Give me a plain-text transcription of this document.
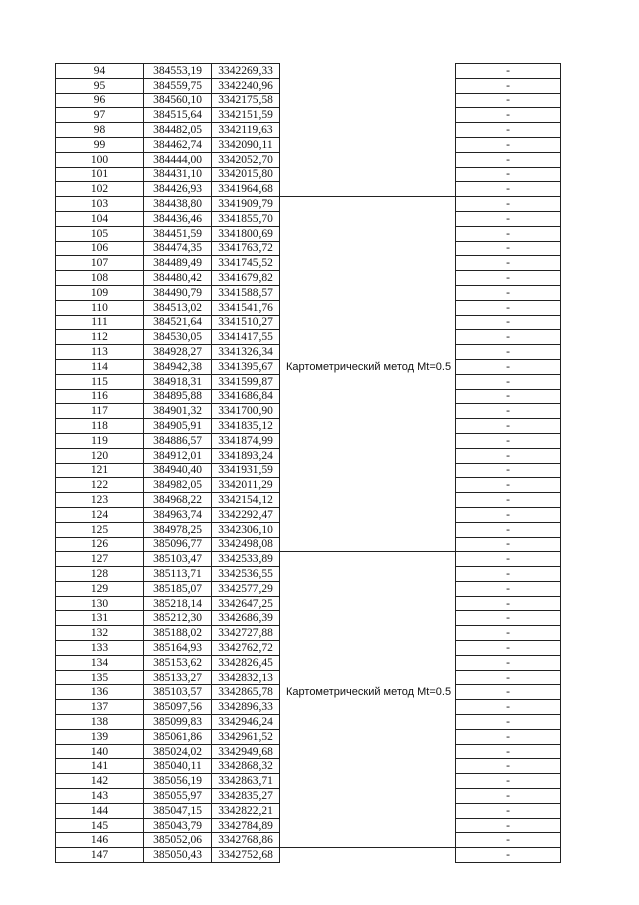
94	384553,19	3342269,33		-
95	384559,75	3342240,96		-
96	384560,10	3342175,58		-
97	384515,64	3342151,59		-
98	384482,05	3342119,63		-
99	384462,74	3342090,11		-
100	384444,00	3342052,70		-
101	384431,10	3342015,80		-
102	384426,93	3341964,68		-
103	384438,80	3341909,79		-
104	384436,46	3341855,70		-
105	384451,59	3341800,69		-
106	384474,35	3341763,72		-
107	384489,49	3341745,52		-
108	384480,42	3341679,82		-
109	384490,79	3341588,57		-
110	384513,02	3341541,76		-
111	384521,64	3341510,27		-
112	384530,05	3341417,55		-
113	384928,27	3341326,34		-
114	384942,38	3341395,67	Картометрический метод Mt=0.5	-
115	384918,31	3341599,87		-
116	384895,88	3341686,84		-
117	384901,32	3341700,90		-
118	384905,91	3341835,12		-
119	384886,57	3341874,99		-
120	384912,01	3341893,24		-
121	384940,40	3341931,59		-
122	384982,05	3342011,29		-
123	384968,22	3342154,12		-
124	384963,74	3342292,47		-
125	384978,25	3342306,10		-
126	385096,77	3342498,08		-
127	385103,47	3342533,89		-
128	385113,71	3342536,55		-
129	385185,07	3342577,29		-
130	385218,14	3342647,25		-
131	385212,30	3342686,39		-
132	385188,02	3342727,88		-
133	385164,93	3342762,72		-
134	385153,62	3342826,45		-
135	385133,27	3342832,13		-
136	385103,57	3342865,78	Картометрический метод Mt=0.5	-
137	385097,56	3342896,33		-
138	385099,83	3342946,24		-
139	385061,86	3342961,52		-
140	385024,02	3342949,68		-
141	385040,11	3342868,32		-
142	385056,19	3342863,71		-
143	385055,97	3342835,27		-
144	385047,15	3342822,21		-
145	385043,79	3342784,89		-
146	385052,06	3342768,86		-
147	385050,43	3342752,68		-
